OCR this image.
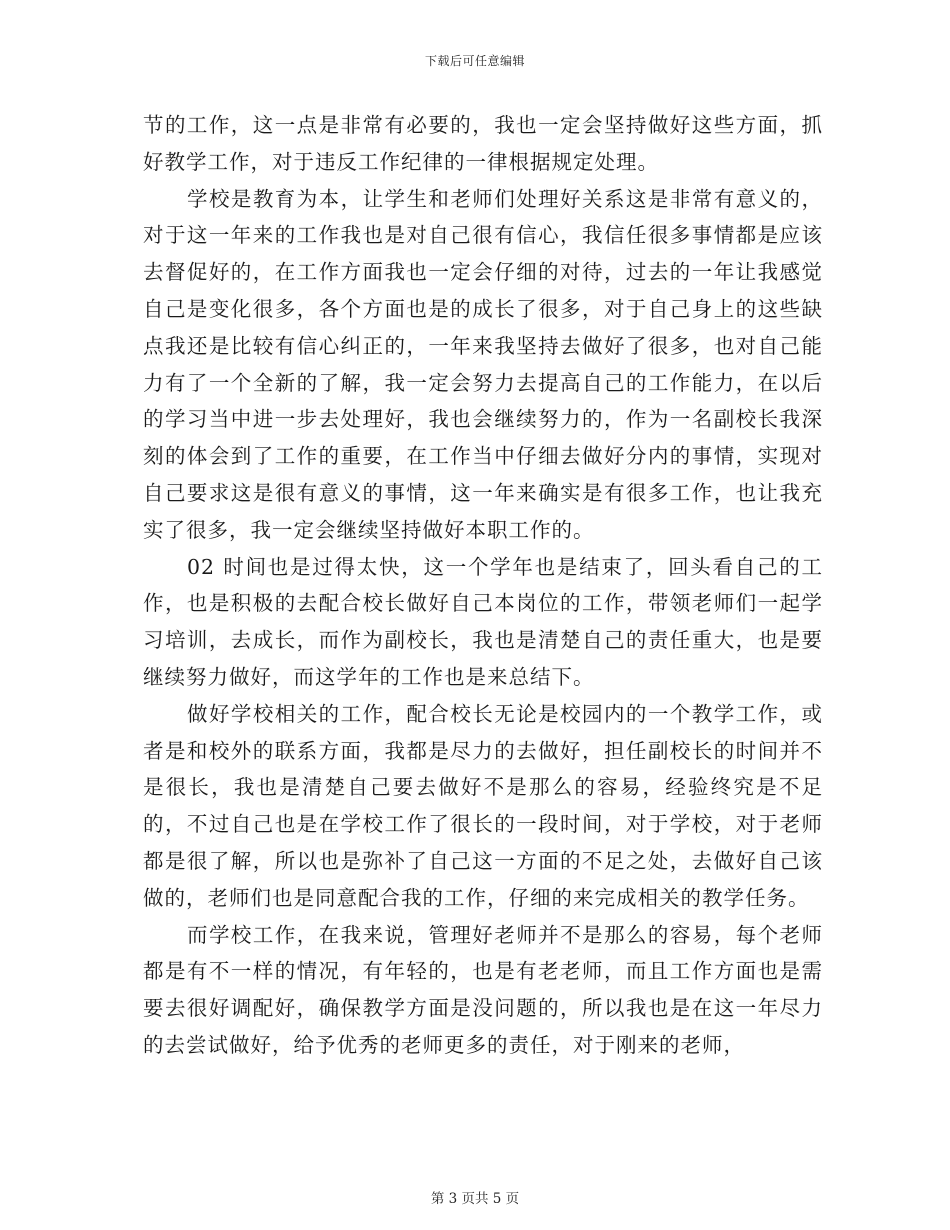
下载后可任意编辑

节的工作，这一点是非常有必要的，我也一定会坚持做好这些方面，抓好教学工作，对于违反工作纪律的一律根据规定处理。

学校是教育为本，让学生和老师们处理好关系这是非常有意义的，对于这一年来的工作我也是对自己很有信心，我信任很多事情都是应该去督促好的，在工作方面我也一定会仔细的对待，过去的一年让我感觉自己是变化很多，各个方面也是的成长了很多，对于自己身上的这些缺点我还是比较有信心纠正的，一年来我坚持去做好了很多，也对自己能力有了一个全新的了解，我一定会努力去提高自己的工作能力，在以后的学习当中进一步去处理好，我也会继续努力的，作为一名副校长我深刻的体会到了工作的重要，在工作当中仔细去做好分内的事情，实现对自己要求这是很有意义的事情，这一年来确实是有很多工作，也让我充实了很多，我一定会继续坚持做好本职工作的。

02 时间也是过得太快，这一个学年也是结束了，回头看自己的工作，也是积极的去配合校长做好自己本岗位的工作，带领老师们一起学习培训，去成长，而作为副校长，我也是清楚自己的责任重大，也是要继续努力做好，而这学年的工作也是来总结下。

做好学校相关的工作，配合校长无论是校园内的一个教学工作，或者是和校外的联系方面，我都是尽力的去做好，担任副校长的时间并不是很长，我也是清楚自己要去做好不是那么的容易，经验终究是不足的，不过自己也是在学校工作了很长的一段时间，对于学校，对于老师都是很了解，所以也是弥补了自己这一方面的不足之处，去做好自己该做的，老师们也是同意配合我的工作，仔细的来完成相关的教学任务。

而学校工作，在我来说，管理好老师并不是那么的容易，每个老师都是有不一样的情况，有年轻的，也是有老老师，而且工作方面也是需要去很好调配好，确保教学方面是没问题的，所以我也是在这一年尽力的去尝试做好，给予优秀的老师更多的责任，对于刚来的老师，

第 3 页共 5 页
